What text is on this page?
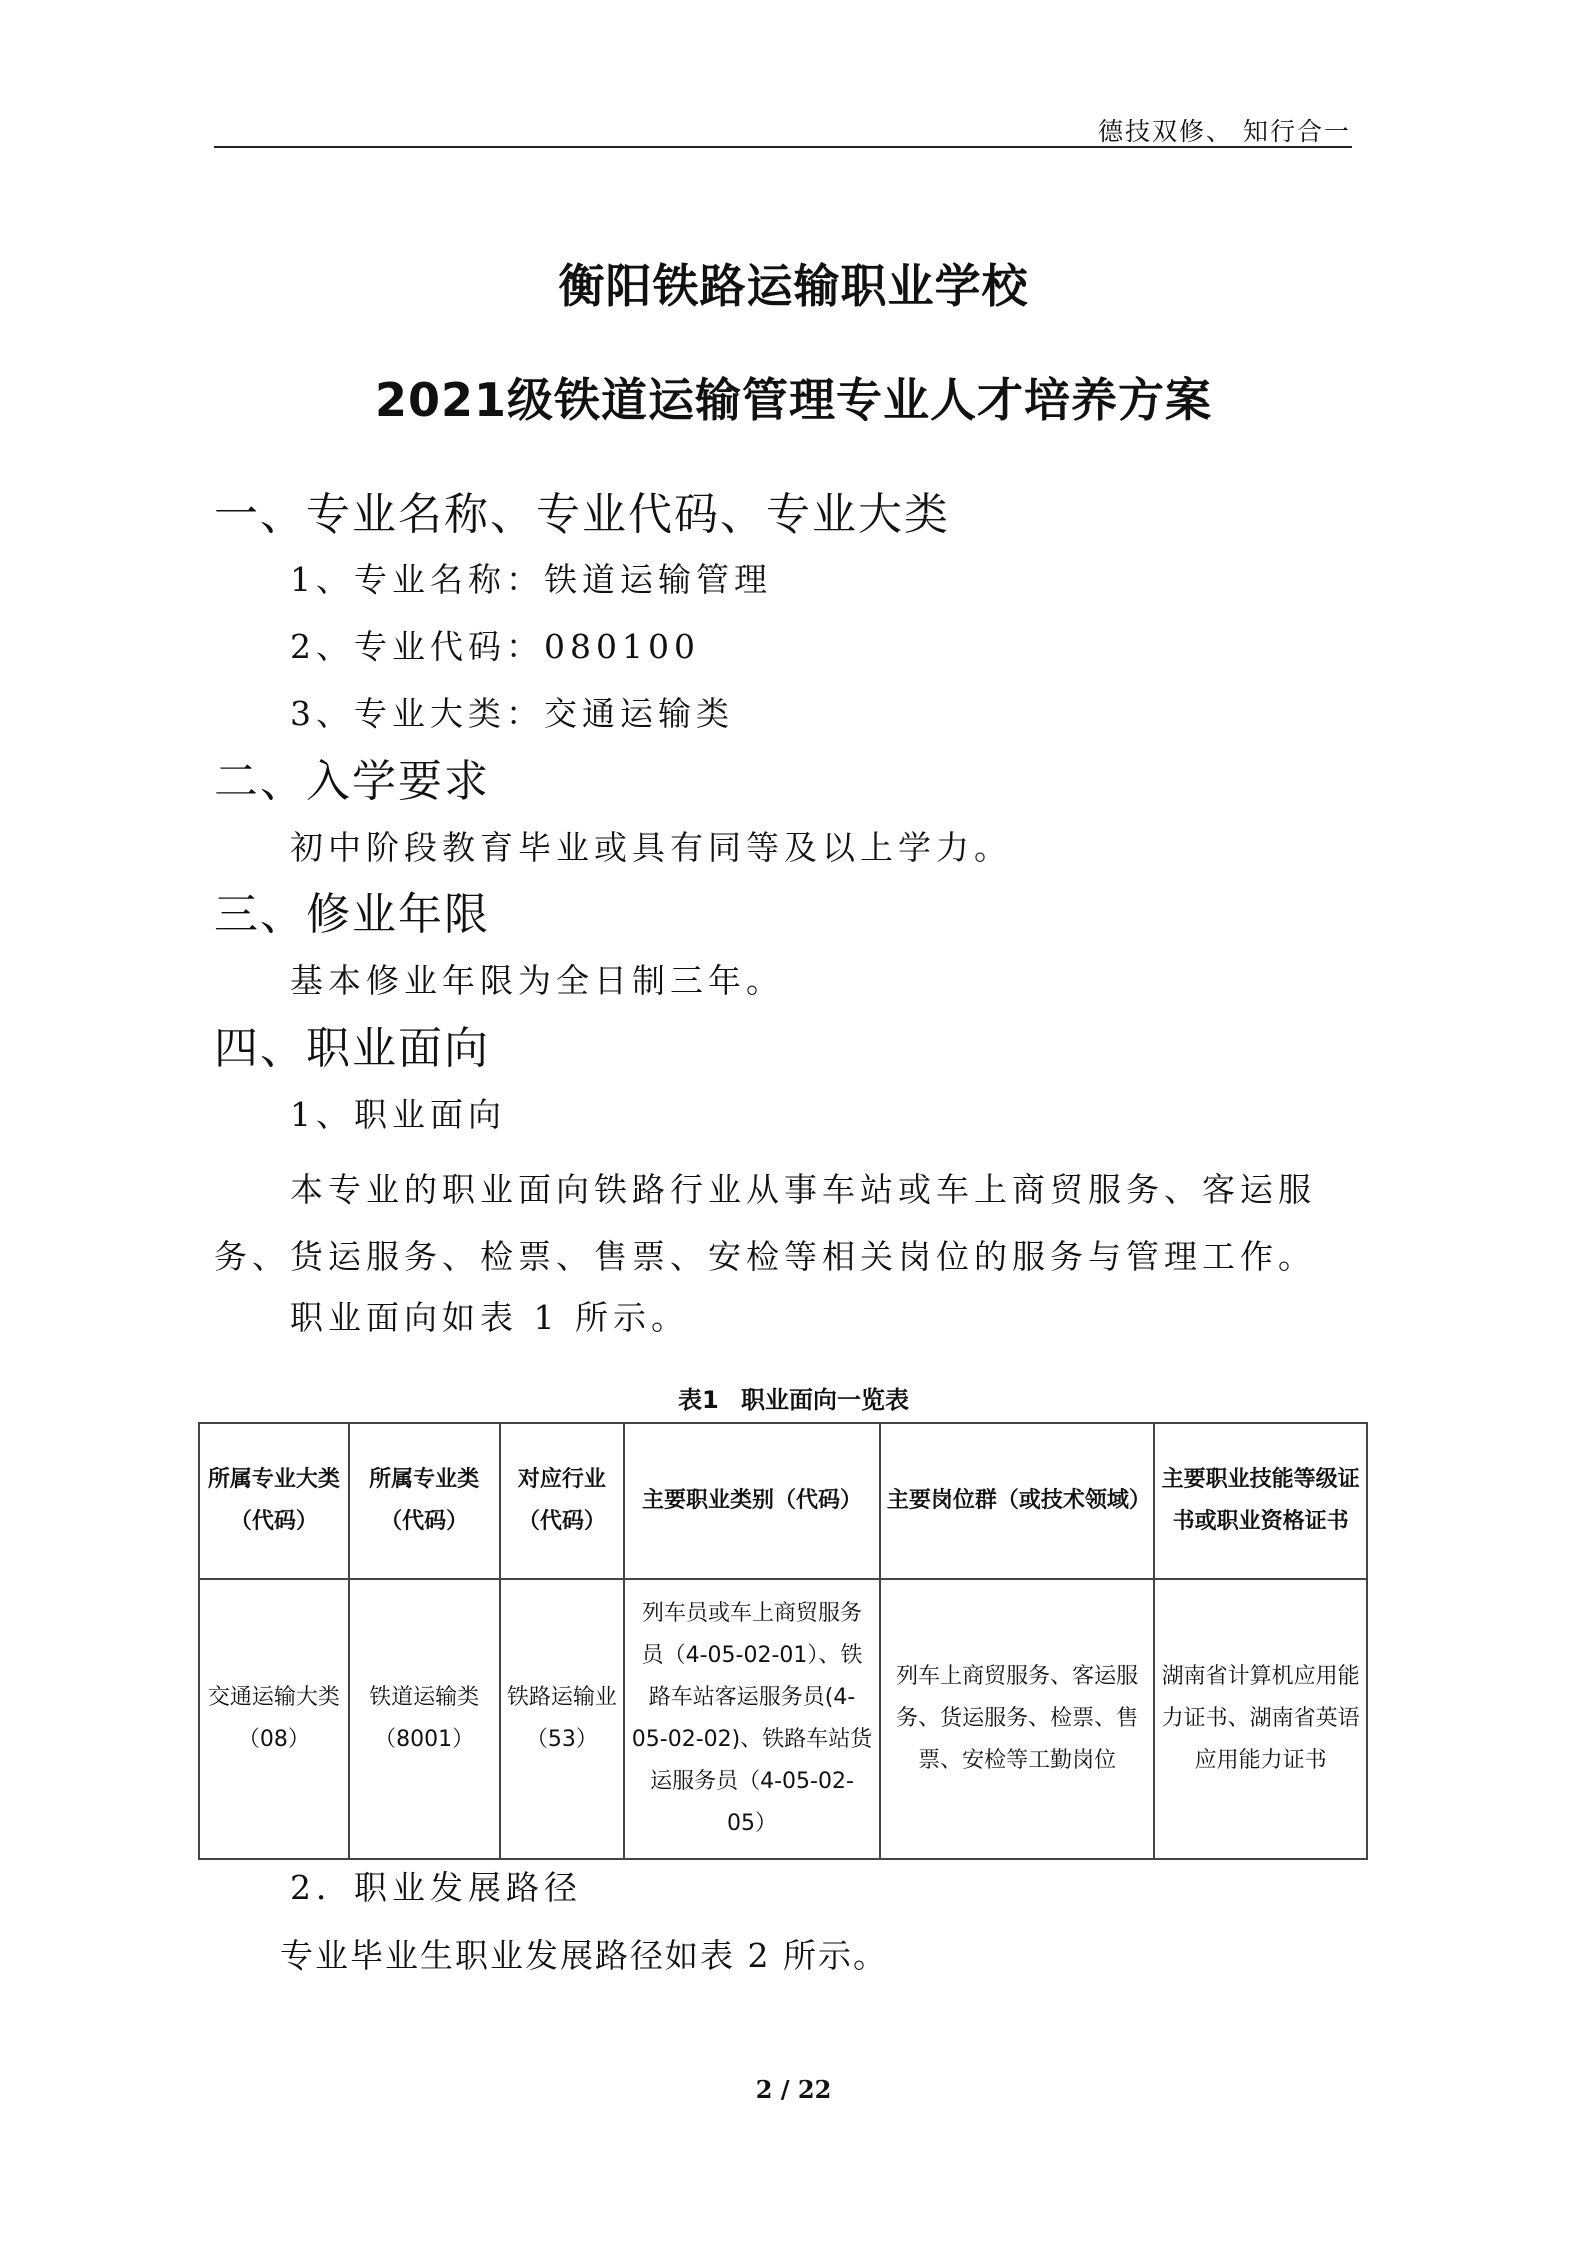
德技双修、 知行合一
衡阳铁路运输职业学校
2021级铁道运输管理专业人才培养方案
一、专业名称、专业代码、专业大类
1、专业名称：铁道运输管理
2、专业代码：080100
3、专业大类：交通运输类
二、入学要求
初中阶段教育毕业或具有同等及以上学力。
三、修业年限
基本修业年限为全日制三年。
四、职业面向
1、职业面向
本专业的职业面向铁路行业从事车站或车上商贸服务、客运服务、货运服务、检票、售票、安检等相关岗位的服务与管理工作。
职业面向如表 1 所示。
表1 职业面向一览表
所属专业大类（代码）	所属专业类（代码）	对应行业（代码）	主要职业类别（代码）	主要岗位群（或技术领域）	主要职业技能等级证书或职业资格证书
交通运输大类（08）	铁道运输类（8001）	铁路运输业（53）	列车员或车上商贸服务员（4-05-02-01）、铁路车站客运服务员(4-05-02-02)、铁路车站货运服务员（4-05-02-05）	列车上商贸服务、客运服务、货运服务、检票、售票、安检等工勤岗位	湖南省计算机应用能力证书、湖南省英语应用能力证书
2．职业发展路径
专业毕业生职业发展路径如表 2 所示。
2 / 22
